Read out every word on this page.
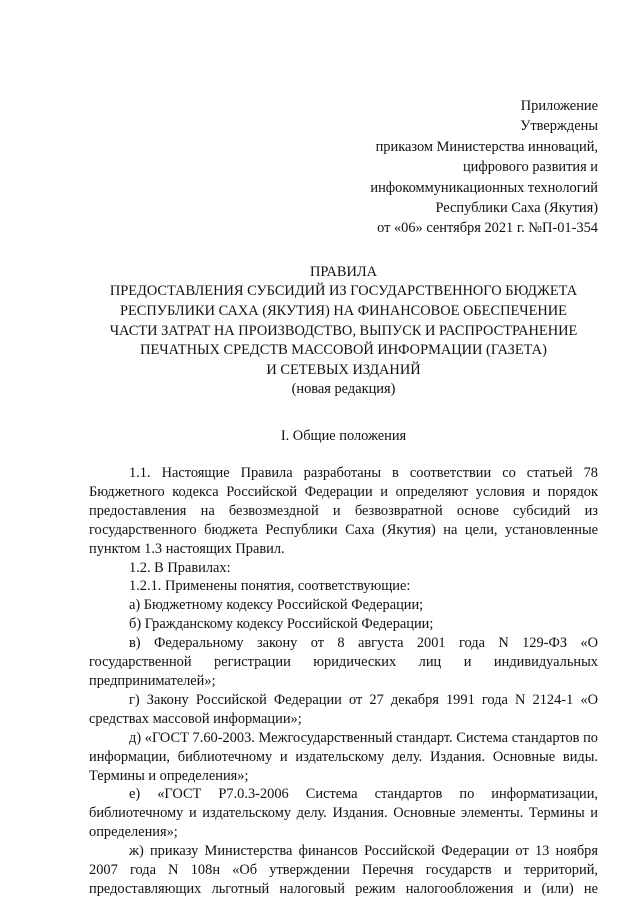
Приложение
Утверждены
приказом Министерства инноваций,
цифрового развития и
инфокоммуникационных технологий
Республики Саха (Якутия)
от «06» сентября 2021 г. №П-01-354
ПРАВИЛА
ПРЕДОСТАВЛЕНИЯ СУБСИДИЙ ИЗ ГОСУДАРСТВЕННОГО БЮДЖЕТА
РЕСПУБЛИКИ САХА (ЯКУТИЯ) НА ФИНАНСОВОЕ ОБЕСПЕЧЕНИЕ
ЧАСТИ ЗАТРАТ НА ПРОИЗВОДСТВО, ВЫПУСК И РАСПРОСТРАНЕНИЕ
ПЕЧАТНЫХ СРЕДСТВ МАССОВОЙ ИНФОРМАЦИИ (ГАЗЕТА)
И СЕТЕВЫХ ИЗДАНИЙ
(новая редакция)
I. Общие положения

1.1. Настоящие Правила разработаны в соответствии со статьей 78 Бюджетного кодекса Российской Федерации и определяют условия и порядок предоставления на безвозмездной и безвозвратной основе субсидий из государственного бюджета Республики Саха (Якутия) на цели, установленные пунктом 1.3 настоящих Правил.

1.2. В Правилах:

1.2.1. Применены понятия, соответствующие:

а) Бюджетному кодексу Российской Федерации;

б) Гражданскому кодексу Российской Федерации;

в) Федеральному закону от 8 августа 2001 года N 129-ФЗ «О государственной регистрации юридических лиц и индивидуальных предпринимателей»;

г) Закону Российской Федерации от 27 декабря 1991 года N 2124-1 «О средствах массовой информации»;

д) «ГОСТ 7.60-2003. Межгосударственный стандарт. Система стандартов по информации, библиотечному и издательскому делу. Издания. Основные виды. Термины и определения»;

е) «ГОСТ Р7.0.3-2006 Система стандартов по информатизации, библиотечному и издательскому делу. Издания. Основные элементы. Термины и определения»;

ж) приказу Министерства финансов Российской Федерации от 13 ноября 2007 года N 108н «Об утверждении Перечня государств и территорий, предоставляющих льготный налоговый режим налогообложения и (или) не
